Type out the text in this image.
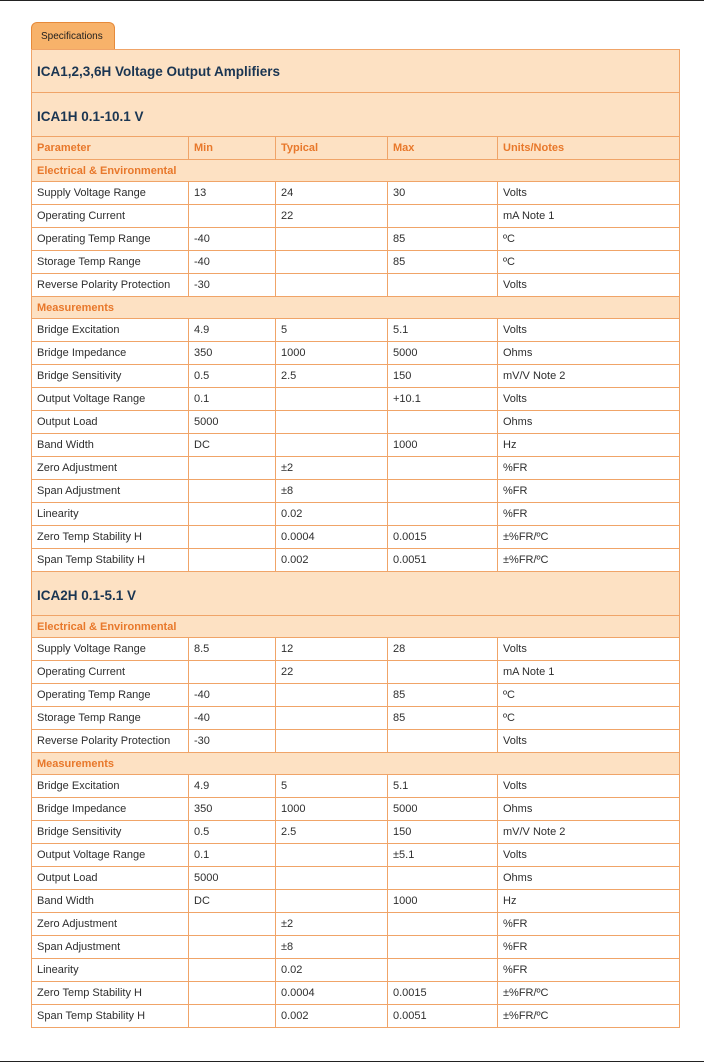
Specifications
ICA1,2,3,6H Voltage Output Amplifiers				
ICA1H 0.1-10.1 V				
Parameter	Min	Typical	Max	Units/Notes
Electrical & Environmental				
Supply Voltage Range	13	24	30	Volts
Operating Current		22		mA Note 1
Operating Temp Range	-40		85	ºC
Storage Temp Range	-40		85	ºC
Reverse Polarity Protection	-30			Volts
Measurements				
Bridge Excitation	4.9	5	5.1	Volts
Bridge Impedance	350	1000	5000	Ohms
Bridge Sensitivity	0.5	2.5	150	mV/V Note 2
Output Voltage Range	0.1		+10.1	Volts
Output Load	5000			Ohms
Band Width	DC		1000	Hz
Zero Adjustment		±2		%FR
Span Adjustment		±8		%FR
Linearity		0.02		%FR
Zero Temp Stability H		0.0004	0.0015	±%FR/ºC
Span Temp Stability H		0.002	0.0051	±%FR/ºC
ICA2H 0.1-5.1 V				
Electrical & Environmental				
Supply Voltage Range	8.5	12	28	Volts
Operating Current		22		mA Note 1
Operating Temp Range	-40		85	ºC
Storage Temp Range	-40		85	ºC
Reverse Polarity Protection	-30			Volts
Measurements				
Bridge Excitation	4.9	5	5.1	Volts
Bridge Impedance	350	1000	5000	Ohms
Bridge Sensitivity	0.5	2.5	150	mV/V Note 2
Output Voltage Range	0.1		±5.1	Volts
Output Load	5000			Ohms
Band Width	DC		1000	Hz
Zero Adjustment		±2		%FR
Span Adjustment		±8		%FR
Linearity		0.02		%FR
Zero Temp Stability H		0.0004	0.0015	±%FR/ºC
Span Temp Stability H		0.002	0.0051	±%FR/ºC
